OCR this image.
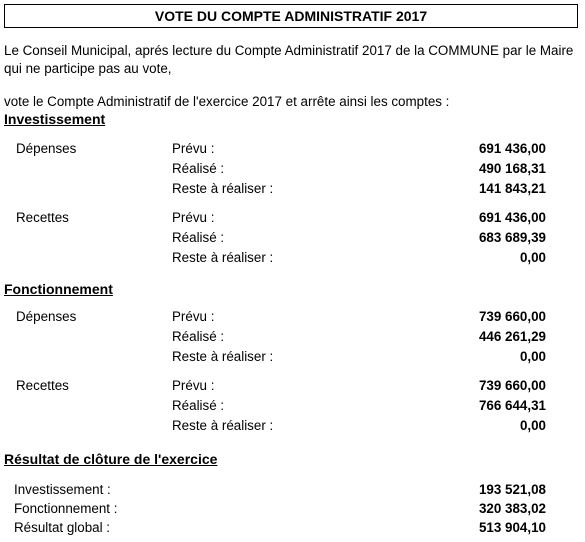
VOTE DU COMPTE ADMINISTRATIF 2017
Le Conseil Municipal, aprés lecture du Compte Administratif 2017 de la COMMUNE par le Maire qui ne participe pas au vote,
vote le Compte Administratif de l'exercice 2017 et arrête ainsi les comptes :
Investissement
Dépenses	Prévu :	691 436,00
Réalisé :	490 168,31
Reste à réaliser :	141 843,21
Recettes	Prévu :	691 436,00
Réalisé :	683 689,39
Reste à réaliser :	0,00
Fonctionnement
Dépenses	Prévu :	739 660,00
Réalisé :	446 261,29
Reste à réaliser :	0,00
Recettes	Prévu :	739 660,00
Réalisé :	766 644,31
Reste à réaliser :	0,00
Résultat de clôture de l'exercice
Investissement :	193 521,08
Fonctionnement :	320 383,02
Résultat global :	513 904,10
